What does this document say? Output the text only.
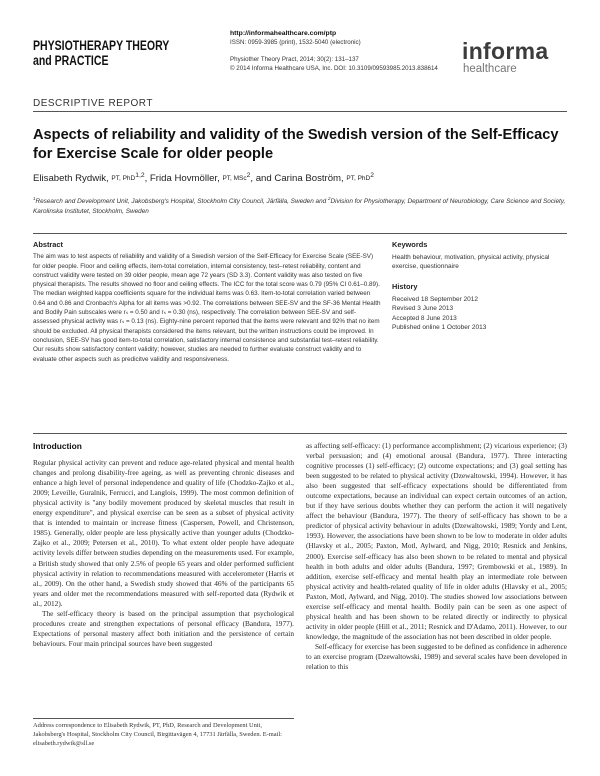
PHYSIOTHERAPY THEORY
and PRACTICE
http://informahealthcare.com/ptp
ISSN: 0959-3985 (print), 1532-5040 (electronic)
Physiother Theory Pract, 2014; 30(2): 131–137
© 2014 Informa Healthcare USA, Inc. DOI: 10.3109/09593985.2013.838614
informa
healthcare
DESCRIPTIVE REPORT
Aspects of reliability and validity of the Swedish version of the Self-Efficacy for Exercise Scale for older people
Elisabeth Rydwik, PT, PhD$^{1,2}$, Frida Hovmöller, PT, MSc$^2$, and Carina Boström, PT, PhD$^2$
$^1$Research and Development Unit, Jakobsberg's Hospital, Stockholm City Council, Järfälla, Sweden and $^2$Division for Physiotherapy, Department of Neurobiology, Care Science and Society, Karolinska Institutet, Stockholm, Sweden
Abstract
The aim was to test aspects of reliability and validity of a Swedish version of the Self-Efficacy for Exercise Scale (SEE-SV) for older people. Floor and ceiling effects, item-total correlation, internal consistency, test–retest reliability, content and construct validity were tested on 39 older people, mean age 72 years (SD 3.3). Content validity was also tested on five physical therapists. The results showed no floor and ceiling effects. The ICC for the total score was 0.79 (95% CI 0.61–0.89). The median weighted kappa coefficients square for the individual items was 0.63. Item-to-total correlation varied between 0.64 and 0.86 and Cronbach's Alpha for all items was >0.92. The correlations between SEE-SV and the SF-36 Mental Health and Bodily Pain subscales were rₛ = 0.50 and rₛ = 0.30 (ns), respectively. The correlation between SEE-SV and self-assessed physical activity was rₛ = 0.13 (ns). Eighty-nine percent reported that the items were relevant and 92% that no item should be excluded. All physical therapists considered the items relevant, but the written instructions could be improved. In conclusion, SEE-SV has good item-to-total correlation, satisfactory internal consistence and substantial test–retest reliability. Our results show satisfactory content validity; however, studies are needed to further evaluate construct validity and to evaluate other aspects such as predicitve validity and responsiveness.
Keywords
Health behaviour, motivation, physical activity, physical exercise, questionnaire
History
Received 18 September 2012
Revised 3 June 2013
Accepted 8 June 2013
Published online 1 October 2013
Introduction

Regular physical activity can prevent and reduce age-related physical and mental health changes and prolong disability-free ageing, as well as preventing chronic diseases and enhance a high level of personal independence and quality of life (Chodzko-Zajko et al., 2009; Leveille, Guralnik, Ferrucci, and Langlois, 1999). The most common definition of physical activity is "any bodily movement produced by skeletal muscles that result in energy expenditure", and physical exercise can be seen as a subset of physical activity that is intended to maintain or increase fitness (Caspersen, Powell, and Christenson, 1985). Generally, older people are less physically active than younger adults (Chodzko-Zajko et al., 2009; Petersen et al., 2010). To what extent older people have adequate activity levels differ between studies depending on the measurements used. For example, a British study showed that only 2.5% of people 65 years and older performed sufficient physical activity in relation to recommendations measured with accelerometer (Harris et al., 2009). On the other hand, a Swedish study showed that 46% of the participants 65 years and older met the recommendations measured with self-reported data (Rydwik et al., 2012).

The self-efficacy theory is based on the principal assumption that psychological procedures create and strengthen expectations of personal efficacy (Bandura, 1977). Expectations of personal mastery affect both initiation and the persistence of certain behaviours. Four main principal sources have been suggested

as affecting self-efficacy: (1) performance accomplishment; (2) vicarious experience; (3) verbal persuasion; and (4) emotional arousal (Bandura, 1977). Three interacting cognitive processes (1) self-efficacy; (2) outcome expectations; and (3) goal setting has been suggested to be related to physical activity (Dzewaltowski, 1994). However, it has also been suggested that self-efficacy expectations should be differentiated from outcome expectations, because an individual can expect certain outcomes of an action, but if they have serious doubts whether they can perform the action it will negatively affect the behaviour (Bandura, 1977). The theory of self-efficacy has shown to be a predictor of physical activity behaviour in adults (Dzewaltowski, 1989; Yordy and Lent, 1993). However, the associations have been shown to be low to moderate in older adults (Hlavsky et al., 2005; Paxton, Motl, Aylward, and Nigg, 2010; Resnick and Jenkins, 2000). Exercise self-efficacy has also been shown to be related to mental and physical health in both adults and older adults (Bandura, 1997; Grembowski et al., 1989). In addition, exercise self-efficacy and mental health play an intermediate role between physical activity and health-related quality of life in older adults (Hlavsky et al., 2005; Paxton, Motl, Aylward, and Nigg, 2010). The studies showed low associations between exercise self-efficacy and mental health. Bodily pain can be seen as one aspect of physical health and has been shown to be related directly or indirectly to physical activity in older people (Hill et al., 2011; Resnick and D'Adamo, 2011). However, to our knowledge, the magnitude of the association has not been described in older people.

Self-efficacy for exercise has been suggested to be defined as confidence in adherence to an exercise program (Dzewaltowski, 1989) and several scales have been developed in relation to this

Address correspondence to Elisabeth Rydwik, PT, PhD, Research and Development Unit, Jakobsberg's Hospital, Stockholm City Council, Birgittavägen 4, 17731 Järfälla, Sweden. E-mail: elisabeth.rydwik@sll.se
